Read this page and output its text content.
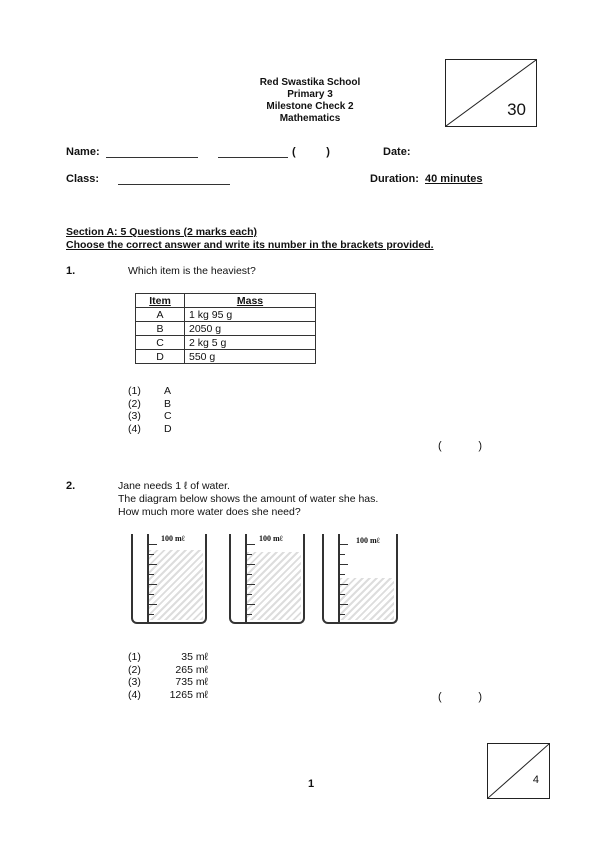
Red Swastika School
Primary 3
Milestone Check 2
Mathematics	30
Name:	(          )	Date:
Class:	Duration: 40 minutes
Section A: 5 Questions (2 marks each)
Choose the correct answer and write its number in the brackets provided.
1.	Which item is the heaviest?
Item	Mass
A	1 kg 95 g
B	2050 g
C	2 kg 5 g
D	550 g
(1) A
(2) B
(3) C
(4) D
(            )
2.	Jane needs 1 ℓ of water.
The diagram below shows the amount of water she has.
How much more water does she need?
100 mℓ	100 mℓ	100 mℓ
(1)	35 mℓ
(2)	265 mℓ
(3)	735 mℓ
(4)	1265 mℓ	(            )
1	4
